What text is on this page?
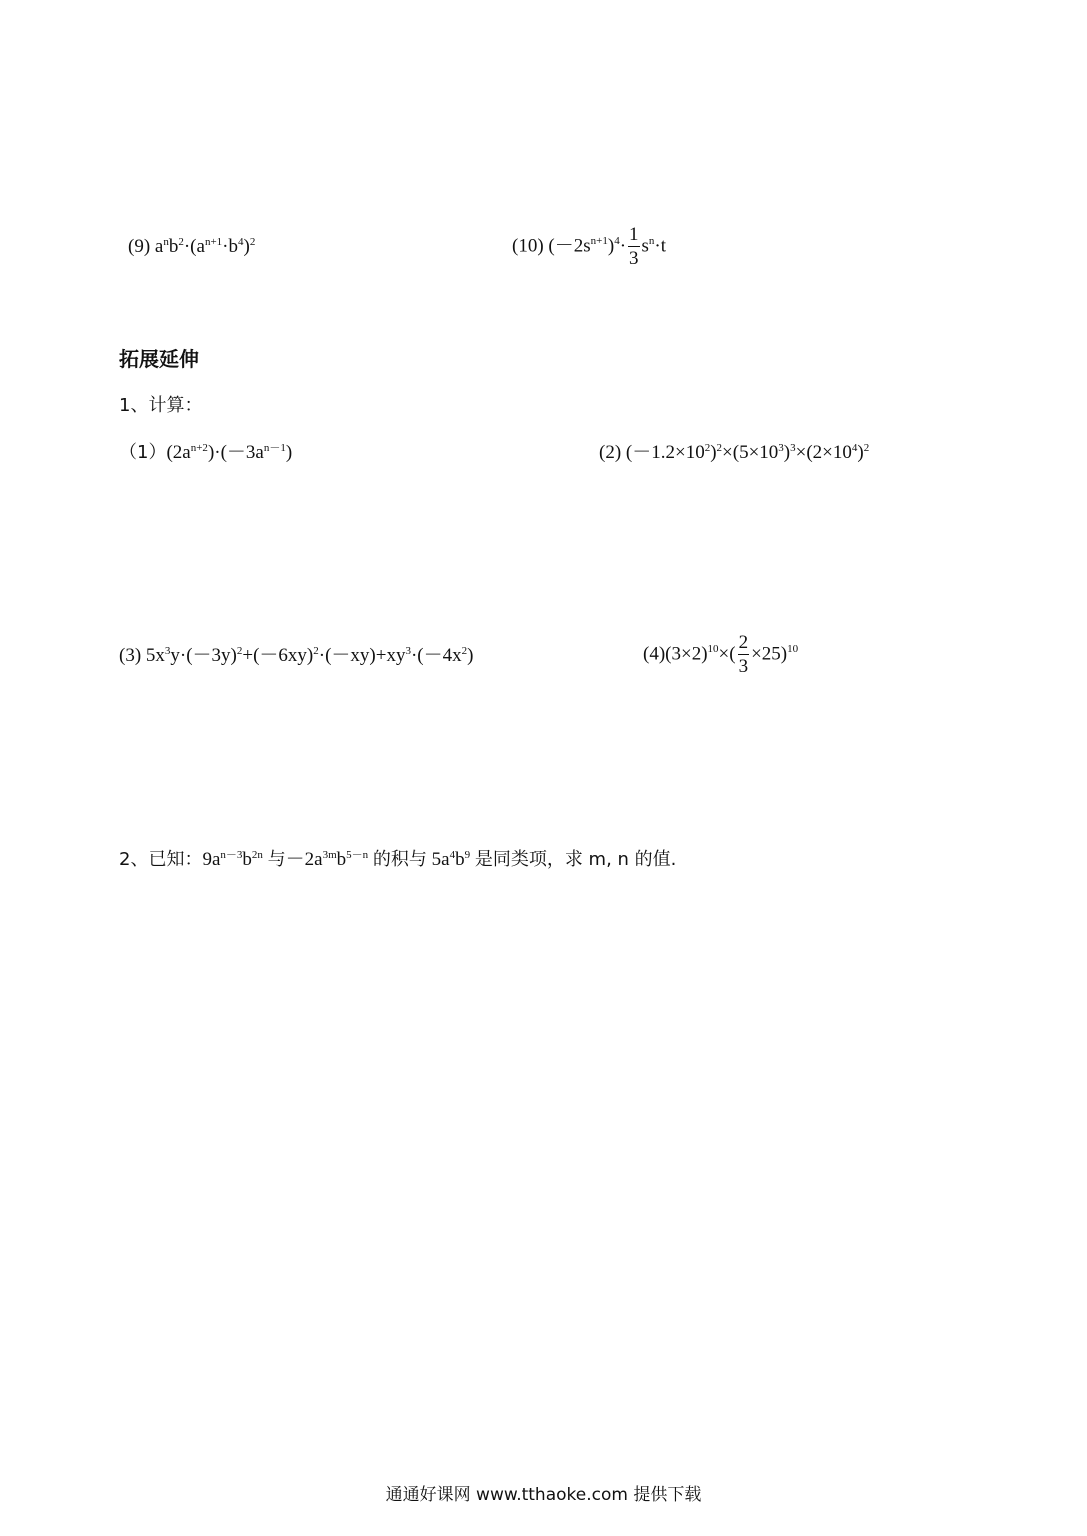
(9) $a^nb^2\cdot(a^{n+1}\cdot b^4)^2$	(10) $(-2s^{n+1})^4\cdot \frac{1}{3} s^n\cdot t$
拓展延伸
1、计算：
$(1)(2a^{n+2})\cdot(-3a^{n-1})$	(2) $(-1.2\times 10^2)^2\times(5\times 10^3)^3\times(2\times 10^4)^2$
(3) $5x^3y\cdot(-3y)^2+(-6xy)^2\cdot(-xy)+xy^3\cdot(-4x^2)$	$(4)(3\times 2)^{10}\times( \frac{2}{3} \times 25)^{10}$
2、已知：$9a^{n-3}b^{2n}$ 与$-2a^{3m}b^{5-n}$ 的积与 $5a^4b^9$ 是同类项，求 m, n 的值.
通通好课网 www.tthaoke.com 提供下载
